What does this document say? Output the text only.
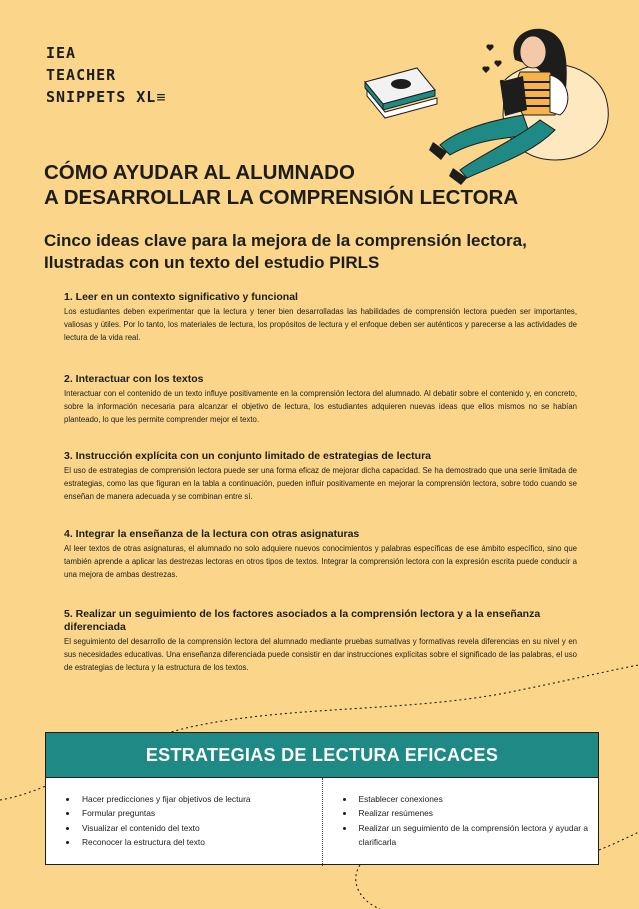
IEA
TEACHER
SNIPPETS XL≡
CÓMO AYUDAR AL ALUMNADO
A DESARROLLAR LA COMPRENSIÓN LECTORA
Cinco ideas clave para la mejora de la comprensión lectora,
Ilustradas con un texto del estudio PIRLS
1. Leer en un contexto significativo y funcional

Los estudiantes deben experimentar que la lectura y tener bien desarrolladas las habilidades de comprensión lectora pueden ser importantes, valiosas y útiles. Por lo tanto, los materiales de lectura, los propósitos de lectura y el enfoque deben ser auténticos y parecerse a las actividades de lectura de la vida real.

2. Interactuar con los textos

Interactuar con el contenido de un texto influye positivamente en la comprensión lectora del alumnado. Al debatir sobre el contenido y, en concreto, sobre la información necesaria para alcanzar el objetivo de lectura, los estudiantes adquieren nuevas ideas que ellos mismos no se habían planteado, lo que les permite comprender mejor el texto.

3. Instrucción explícita con un conjunto limitado de estrategias de lectura

El uso de estrategias de comprensión lectora puede ser una forma eficaz de mejorar dicha capacidad. Se ha demostrado que una serie limitada de estrategias, como las que figuran en la tabla a continuación, pueden influir positivamente en mejorar la comprensión lectora, sobre todo cuando se enseñan de manera adecuada y se combinan entre sí.

4. Integrar la enseñanza de la lectura con otras asignaturas

Al leer textos de otras asignaturas, el alumnado no solo adquiere nuevos conocimientos y palabras específicas de ese ámbito específico, sino que también aprende a aplicar las destrezas lectoras en otros tipos de textos. Integrar la comprensión lectora con la expresión escrita puede conducir a una mejora de ambas destrezas.

5. Realizar un seguimiento de los factores asociados a la comprensión lectora y a la enseñanza diferenciada

El seguimiento del desarrollo de la comprensión lectora del alumnado mediante pruebas sumativas y formativas revela diferencias en su nivel y en sus necesidades educativas. Una enseñanza diferenciada puede consistir en dar instrucciones explícitas sobre el significado de las palabras, el uso de estrategias de lectura y la estructura de los textos.

ESTRATEGIAS DE LECTURA EFICACES
• Hacer predicciones y fijar objetivos de lectura
• Formular preguntas
• Visualizar el contenido del texto
• Reconocer la estructura del texto
• Establecer conexiones
• Realizar resúmenes
• Realizar un seguimiento de la comprensión lectora y ayudar a clarificarla
